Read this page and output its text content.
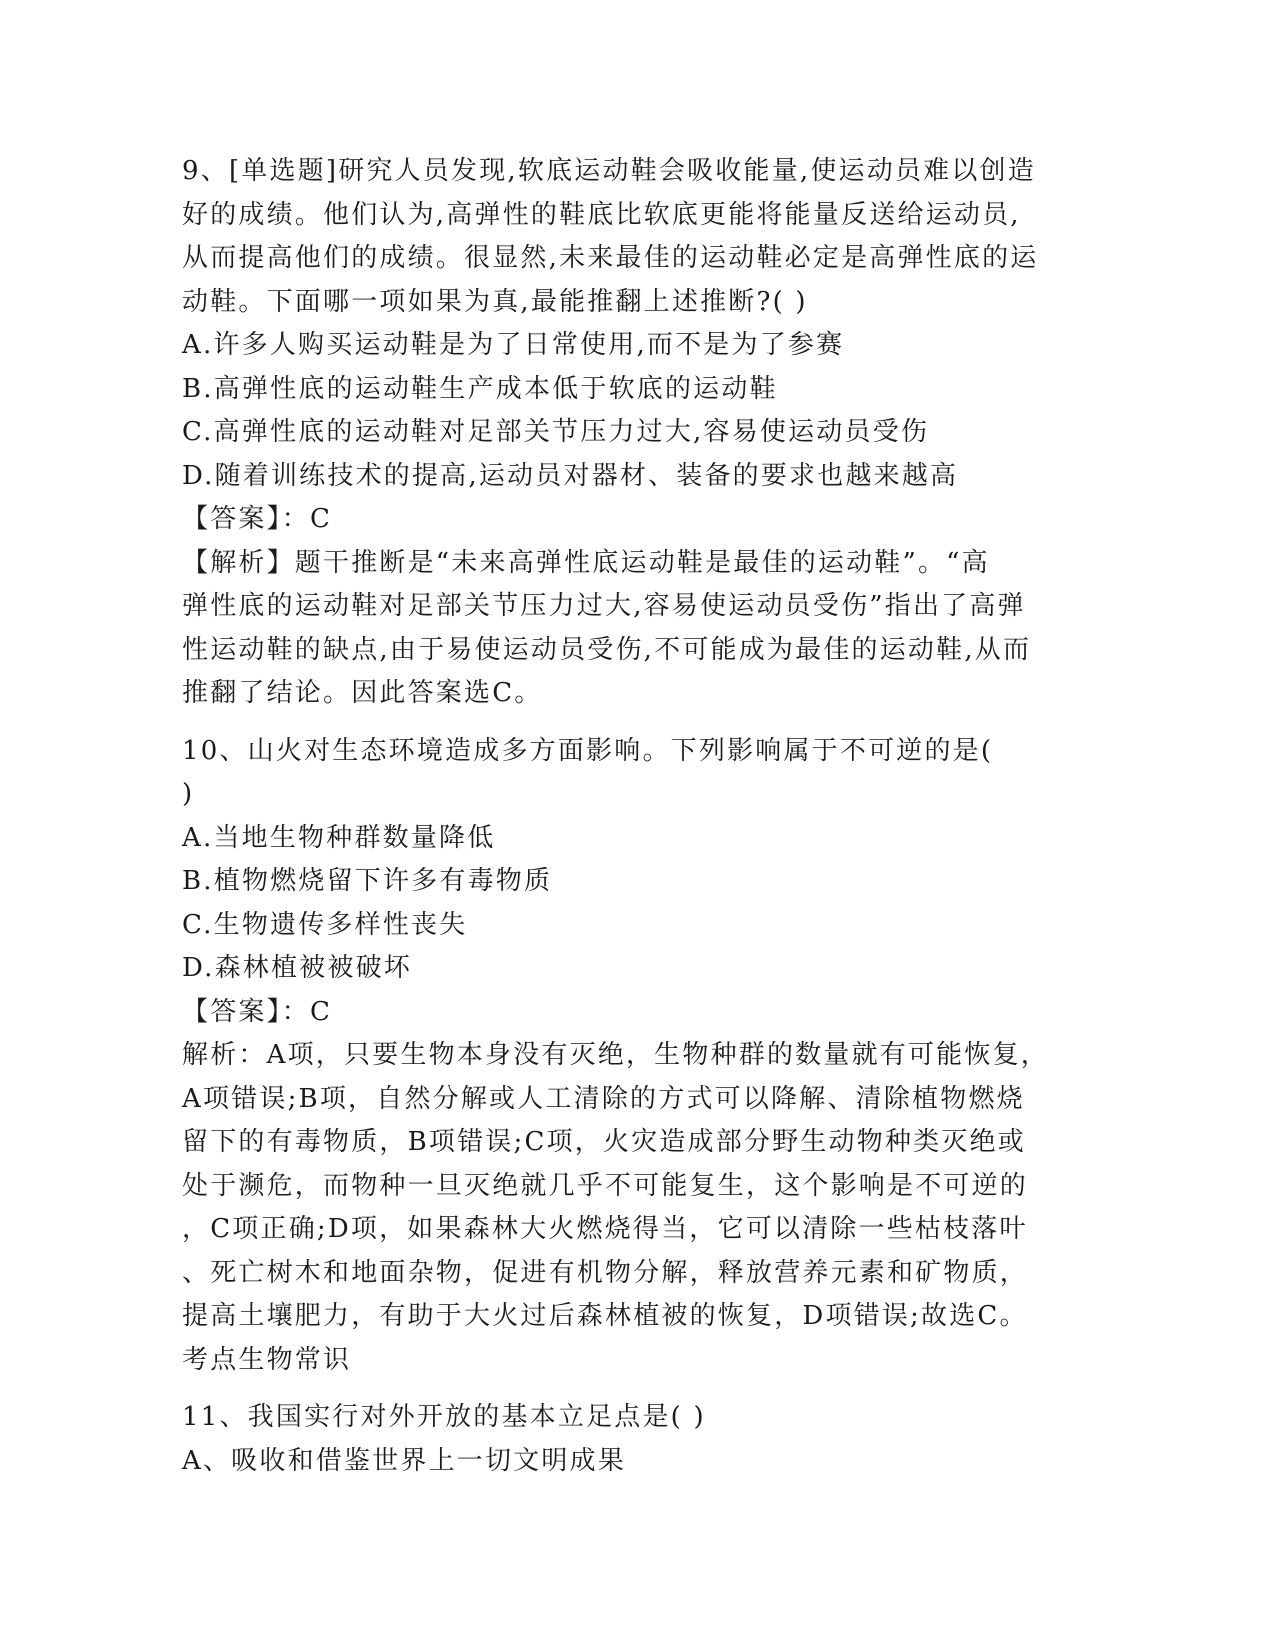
9、[单选题]研究人员发现,软底运动鞋会吸收能量,使运动员难以创造
好的成绩。他们认为,高弹性的鞋底比软底更能将能量反送给运动员,
从而提高他们的成绩。很显然,未来最佳的运动鞋必定是高弹性底的运
动鞋。下面哪一项如果为真,最能推翻上述推断?( )
A.许多人购买运动鞋是为了日常使用,而不是为了参赛
B.高弹性底的运动鞋生产成本低于软底的运动鞋
C.高弹性底的运动鞋对足部关节压力过大,容易使运动员受伤
D.随着训练技术的提高,运动员对器材、装备的要求也越来越高
【答案】：C
【解析】题干推断是“未来高弹性底运动鞋是最佳的运动鞋”。“高
弹性底的运动鞋对足部关节压力过大,容易使运动员受伤”指出了高弹
性运动鞋的缺点,由于易使运动员受伤,不可能成为最佳的运动鞋,从而
推翻了结论。因此答案选C。
10、山火对生态环境造成多方面影响。下列影响属于不可逆的是(
)
A.当地生物种群数量降低
B.植物燃烧留下许多有毒物质
C.生物遗传多样性丧失
D.森林植被被破坏
【答案】：C
解析：A项，只要生物本身没有灭绝，生物种群的数量就有可能恢复，
A项错误;B项，自然分解或人工清除的方式可以降解、清除植物燃烧
留下的有毒物质，B项错误;C项，火灾造成部分野生动物种类灭绝或
处于濒危，而物种一旦灭绝就几乎不可能复生，这个影响是不可逆的
，C项正确;D项，如果森林大火燃烧得当，它可以清除一些枯枝落叶
、死亡树木和地面杂物，促进有机物分解，释放营养元素和矿物质，
提高土壤肥力，有助于大火过后森林植被的恢复，D项错误;故选C。
考点生物常识
11、我国实行对外开放的基本立足点是( )
A、吸收和借鉴世界上一切文明成果
